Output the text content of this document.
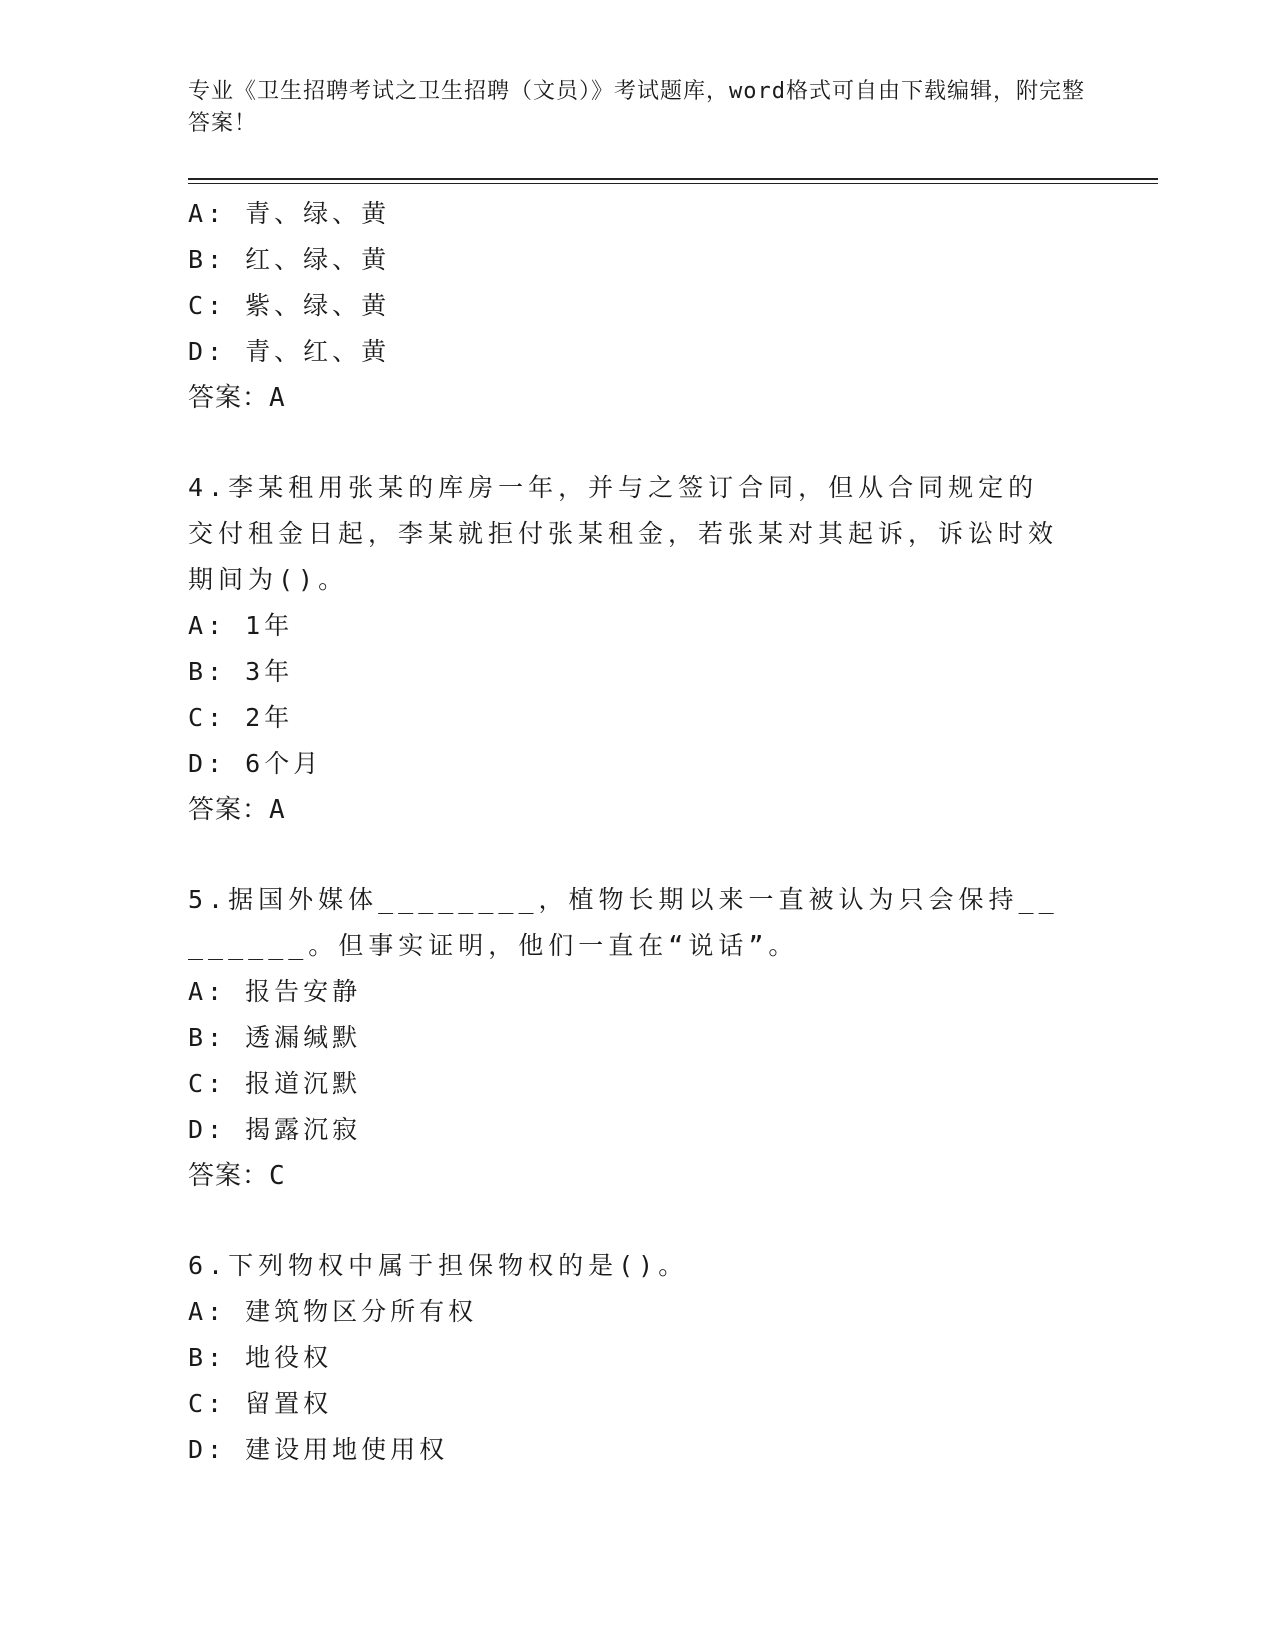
专业《卫生招聘考试之卫生招聘（文员）》考试题库，word格式可自由下载编辑，附完整答案！
A: 青、绿、黄
B: 红、绿、黄
C: 紫、绿、黄
D: 青、红、黄
答案：A
4.李某租用张某的库房一年，并与之签订合同，但从合同规定的交付租金日起，李某就拒付张某租金，若张某对其起诉，诉讼时效期间为()。
A: 1年
B: 3年
C: 2年
D: 6个月
答案：A
5.据国外媒体________，植物长期以来一直被认为只会保持________。但事实证明，他们一直在“说话”。
A: 报告安静
B: 透漏缄默
C: 报道沉默
D: 揭露沉寂
答案：C
6.下列物权中属于担保物权的是()。
A: 建筑物区分所有权
B: 地役权
C: 留置权
D: 建设用地使用权
